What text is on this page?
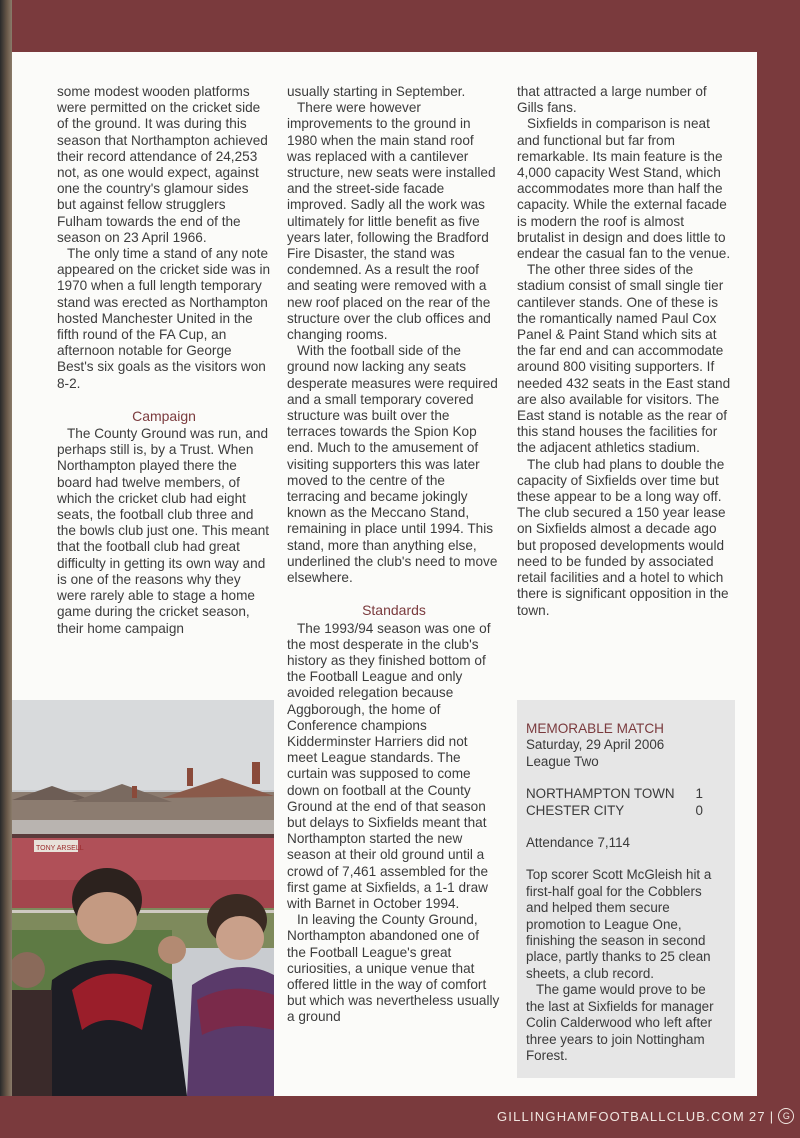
some modest wooden platforms were permitted on the cricket side of the ground. It was during this season that Northampton achieved their record attendance of 24,253 not, as one would expect, against one the country's glamour sides but against fellow strugglers Fulham towards the end of the season on 23 April 1966.

The only time a stand of any note appeared on the cricket side was in 1970 when a full length temporary stand was erected as Northampton hosted Manchester United in the fifth round of the FA Cup, an afternoon notable for George Best's six goals as the visitors won 8-2.

Campaign

The County Ground was run, and perhaps still is, by a Trust. When Northampton played there the board had twelve members, of which the cricket club had eight seats, the football club three and the bowls club just one. This meant that the football club had great difficulty in getting its own way and is one of the reasons why they were rarely able to stage a home game during the cricket season, their home campaign

usually starting in September.

There were however improvements to the ground in 1980 when the main stand roof was replaced with a cantilever structure, new seats were installed and the street-side facade improved. Sadly all the work was ultimately for little benefit as five years later, following the Bradford Fire Disaster, the stand was condemned. As a result the roof and seating were removed with a new roof placed on the rear of the structure over the club offices and changing rooms.

With the football side of the ground now lacking any seats desperate measures were required and a small temporary covered structure was built over the terraces towards the Spion Kop end. Much to the amusement of visiting supporters this was later moved to the centre of the terracing and became jokingly known as the Meccano Stand, remaining in place until 1994. This stand, more than anything else, underlined the club's need to move elsewhere.

Standards

The 1993/94 season was one of the most desperate in the club's history as they finished bottom of the Football League and only avoided relegation because Aggborough, the home of Conference champions Kidderminster Harriers did not meet League standards. The curtain was supposed to come down on football at the County Ground at the end of that season but delays to Sixfields meant that Northampton started the new season at their old ground until a crowd of 7,461 assembled for the first game at Sixfields, a 1-1 draw with Barnet in October 1994.

In leaving the County Ground, Northampton abandoned one of the Football League's great curiosities, a unique venue that offered little in the way of comfort but which was nevertheless usually a ground

that attracted a large number of Gills fans.

Sixfields in comparison is neat and functional but far from remarkable. Its main feature is the 4,000 capacity West Stand, which accommodates more than half the capacity. While the external facade is modern the roof is almost brutalist in design and does little to endear the casual fan to the venue.

The other three sides of the stadium consist of small single tier cantilever stands. One of these is the romantically named Paul Cox Panel & Paint Stand which sits at the far end and can accommodate around 800 visiting supporters. If needed 432 seats in the East stand are also available for visitors. The East stand is notable as the rear of this stand houses the facilities for the adjacent athletics stadium.

The club had plans to double the capacity of Sixfields over time but these appear to be a long way off. The club secured a 150 year lease on Sixfields almost a decade ago but proposed developments would need to be funded by associated retail facilities and a hotel to which there is significant opposition in the town.

TONY ARSELL
MEMORABLE MATCH
Saturday, 29 April 2006
League Two
NORTHAMPTON TOWN 1
CHESTER CITY	0
Attendance 7,114

Top scorer Scott McGleish hit a first-half goal for the Cobblers and helped them secure promotion to League One, finishing the season in second place, partly thanks to 25 clean sheets, a club record.

The game would prove to be the last at Sixfields for manager Colin Calderwood who left after three years to join Nottingham Forest.

GILLINGHAMFOOTBALLCLUB.COM 27 | G
